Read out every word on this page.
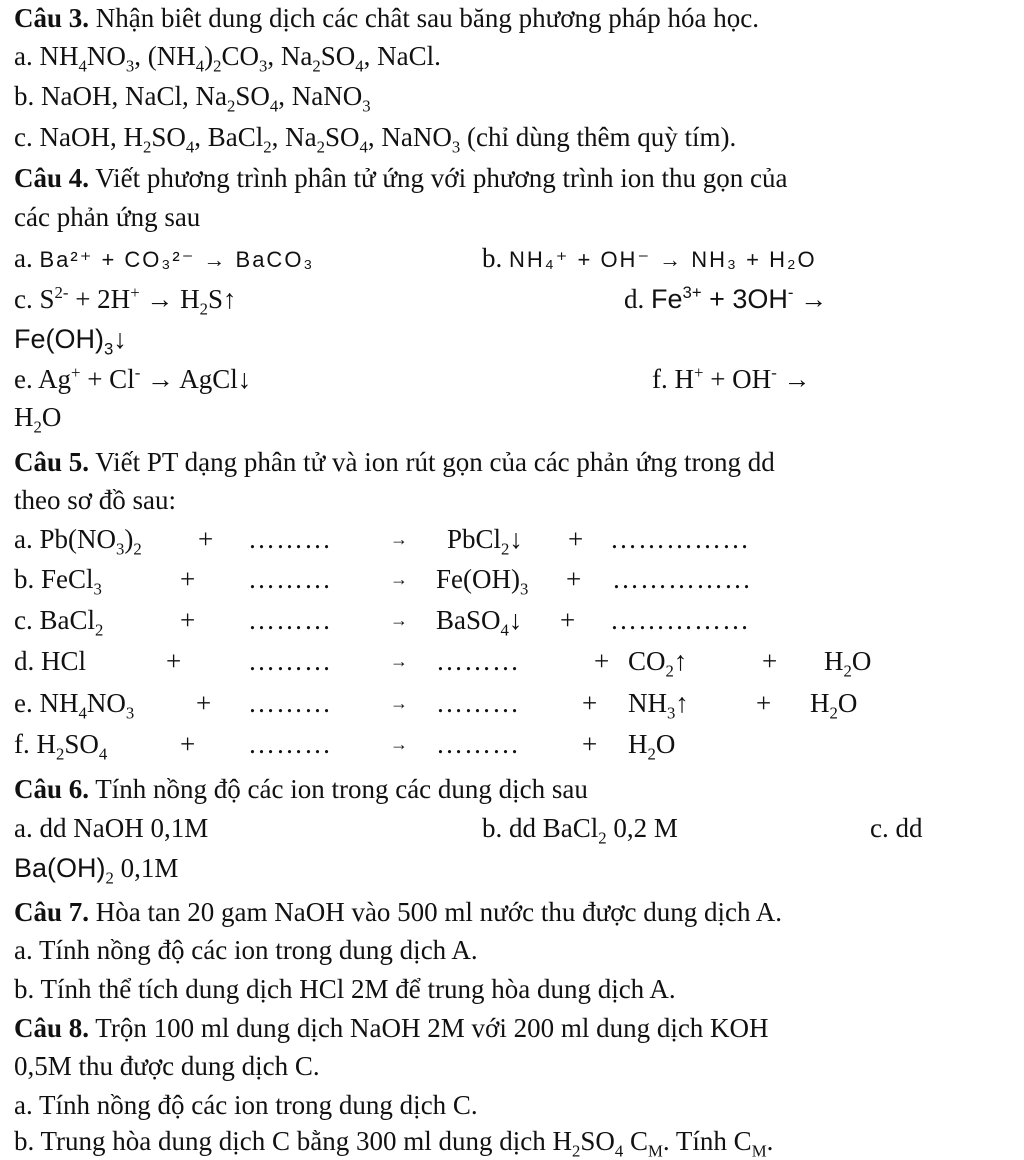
Câu 3. Nhận biêt dung dịch các chât sau băng phương pháp hóa học.
a. $NH_4NO_3$, $(NH_4)_2CO_3$, $Na_2SO_4$, NaCl.
b. NaOH, NaCl, $Na_2SO_4$, NaNO$_3$
c. NaOH, $H_2SO_4$, BaCl$_2$, $Na_2SO_4$, NaNO$_3$ (chỉ dùng thêm quỳ tím).
Câu 4. Viết phương trình phân tử ứng với phương trình ion thu gọn của
các phản ứng sau
a. Ba²⁺ + CO₃²⁻ → BaCO₃	b. NH₄⁺ + OH⁻ → NH₃ + H₂O
c. $S^{2-} + 2H^+$ → $H_2S↑$	d. $Fe^{3+} + 3OH^-$ →
$Fe(OH)_3↓$
e. Ag+ + Cl- → AgCl↓	f. H+ + OH- →
$H_2O$
Câu 5. Viết PT dạng phân tử và ion rút gọn của các phản ứng trong dd
theo sơ đồ sau:
a. $Pb(NO_3)_2$ + ………	→ PbCl$_2$↓ + ……………
b. FeCl$_3$	+ ………	→ $Fe(OH)_3$ + ……………
c. BaCl$_2$	+ ………	→ BaSO$_4$↓ + ……………
d. HCl	+ ………	→ ………	+ $CO_2↑$	+ $H_2O$
e. $NH_4NO_3$ + ………	→ ……… + $NH_3↑ + H_2O$
f. $H_2SO_4$	+ ………	→ ……… + $H_2O$
Câu 6. Tính nồng độ các ion trong các dung dịch sau
a. dd NaOH 0,1M	b. dd BaCl$_2$ 0,2 M	c. dd
$Ba(OH)_2$ 0,1M
Câu 7. Hòa tan 20 gam NaOH vào 500 ml nước thu được dung dịch A.
a. Tính nồng độ các ion trong dung dịch A.
b. Tính thể tích dung dịch HCl 2M để trung hòa dung dịch A.
Câu 8. Trộn 100 ml dung dịch NaOH 2M với 200 ml dung dịch KOH
0,5M thu được dung dịch C.
a. Tính nồng độ các ion trong dung dịch C.
b. Trung hòa dung dịch C bằng 300 ml dung dịch $H_2SO_4$ $C_M$. Tính $C_M$.
